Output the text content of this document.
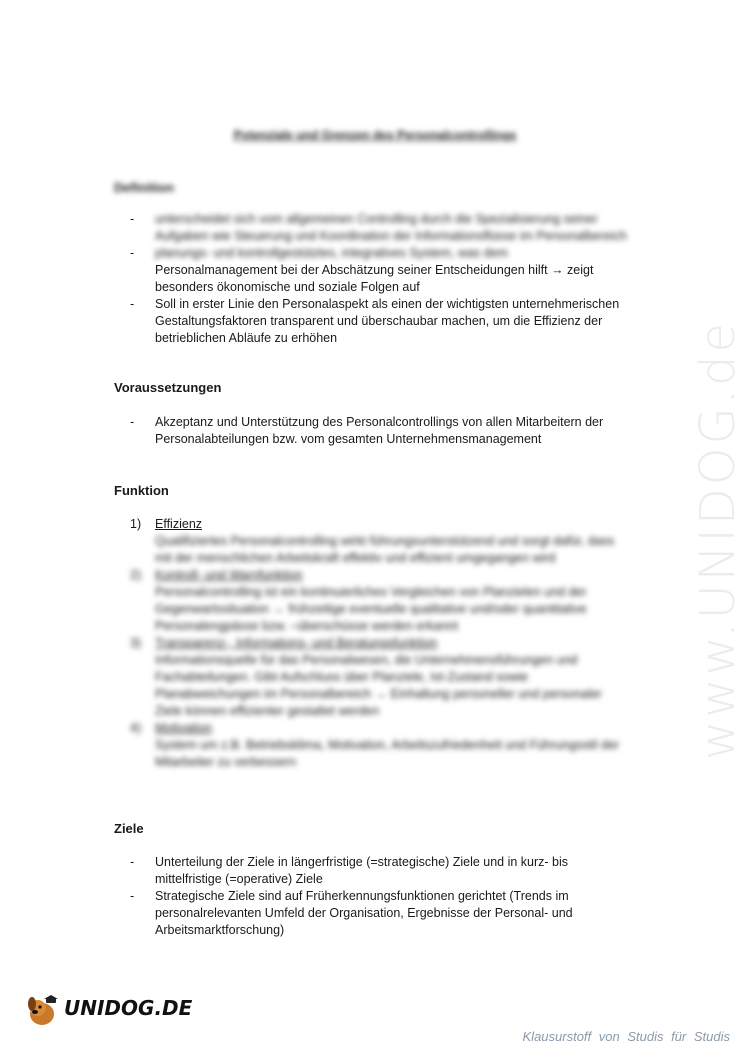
Potenziale und Grenzen des Personalcontrollings
Definition
- unterscheidet sich vom allgemeinen Controlling durch die Spezialisierung seiner Aufgaben wie Steuerung und Koordination der Informationsflüsse im Personalbereich
- planungs- und kontrollgestütztes, integratives System, was dem
Personalmanagement bei der Abschätzung seiner Entscheidungen hilft → zeigt besonders ökonomische und soziale Folgen auf
- Soll in erster Linie den Personalaspekt als einen der wichtigsten unternehmerischen Gestaltungsfaktoren transparent und überschaubar machen, um die Effizienz der betrieblichen Abläufe zu erhöhen
Voraussetzungen
- Akzeptanz und Unterstützung des Personalcontrollings von allen Mitarbeitern der Personalabteilungen bzw. vom gesamten Unternehmensmanagement
Funktion
1) Effizienz
Qualifiziertes Personalcontrolling wirkt führungsunterstützend und sorgt dafür, dass mit der menschlichen Arbeitskraft effektiv und effizient umgegangen wird
2) Kontroll- und Warnfunktion
Personalcontrolling ist ein kontinuierliches Vergleichen von Planzielen und der Gegenwartssituation → frühzeitige eventuelle qualitative und/oder quantitative Personalengpässe bzw. –überschüsse werden erkannt
3) Transparenz-, Informations- und Beratungsfunktion
Informationsquelle für das Personalwesen, die Unternehmensführungen und Fachabteilungen. Gibt Aufschluss über Planziele, Ist-Zustand sowie Planabweichungen im Personalbereich → Einhaltung personeller und personaler Ziele können effizienter gestaltet werden
4) Motivation
System um z.B. Betriebsklima, Motivation, Arbeitszufriedenheit und Führungsstil der Mitarbeiter zu verbessern
Ziele
- Unterteilung der Ziele in längerfristige (=strategische) Ziele und in kurz- bis mittelfristige (=operative) Ziele
- Strategische Ziele sind auf Früherkennungsfunktionen gerichtet (Trends im personalrelevanten Umfeld der Organisation, Ergebnisse der Personal- und Arbeitsmarktforschung)
www.UNIDOG.de
UNIDOG.DE
Klausurstoff von Studis für Studis
